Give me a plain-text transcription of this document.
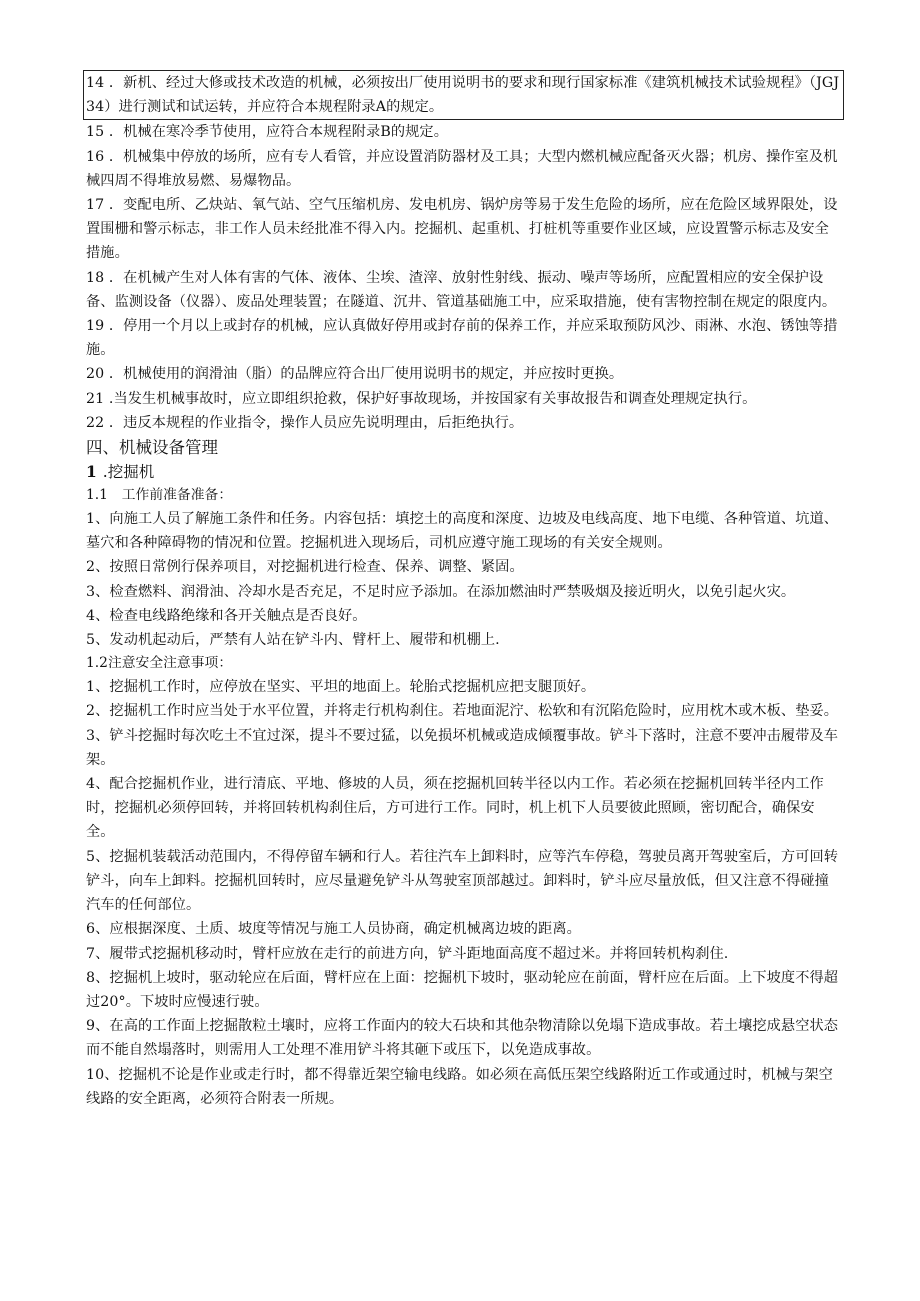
14 ．新机、经过大修或技术改造的机械，必须按出厂使用说明书的要求和现行国家标准《建筑机械技术试验规程》（JGJ34）进行测试和试运转，并应符合本规程附录A的规定。

15 ．机械在寒冷季节使用，应符合本规程附录B的规定。

16 ．机械集中停放的场所，应有专人看管，并应设置消防器材及工具；大型内燃机械应配备灭火器；机房、操作室及机械四周不得堆放易燃、易爆物品。

17 ．变配电所、乙炔站、氧气站、空气压缩机房、发电机房、锅炉房等易于发生危险的场所，应在危险区域界限处，设置围栅和警示标志，非工作人员未经批准不得入内。挖掘机、起重机、打桩机等重要作业区域，应设置警示标志及安全措施。

18 ．在机械产生对人体有害的气体、液体、尘埃、渣滓、放射性射线、振动、噪声等场所，应配置相应的安全保护设备、监测设备（仪器）、废品处理装置；在隧道、沉井、管道基础施工中，应采取措施，使有害物控制在规定的限度内。

19 ．停用一个月以上或封存的机械，应认真做好停用或封存前的保养工作，并应采取预防风沙、雨淋、水泡、锈蚀等措施。

20 ．机械使用的润滑油（脂）的品牌应符合出厂使用说明书的规定，并应按时更换。

21 .当发生机械事故时，应立即组织抢救，保护好事故现场，并按国家有关事故报告和调查处理规定执行。

22 ．违反本规程的作业指令，操作人员应先说明理由，后拒绝执行。

四、机械设备管理

1 .挖掘机

1.1　工作前准备准备：

1、向施工人员了解施工条件和任务。内容包括：填挖土的高度和深度、边坡及电线高度、地下电缆、各种管道、坑道、墓穴和各种障碍物的情况和位置。挖掘机进入现场后，司机应遵守施工现场的有关安全规则。

2、按照日常例行保养项目，对挖掘机进行检查、保养、调整、紧固。

3、检查燃料、润滑油、冷却水是否充足，不足时应予添加。在添加燃油时严禁吸烟及接近明火，以免引起火灾。

4、检查电线路绝缘和各开关触点是否良好。

5、发动机起动后，严禁有人站在铲斗内、臂杆上、履带和机棚上.

1.2注意安全注意事项：

1、挖掘机工作时，应停放在坚实、平坦的地面上。轮胎式挖掘机应把支腿顶好。

2、挖掘机工作时应当处于水平位置，并将走行机构刹住。若地面泥泞、松软和有沉陷危险时，应用枕木或木板、垫妥。

3、铲斗挖掘时每次吃土不宜过深，提斗不要过猛，以免损坏机械或造成倾覆事故。铲斗下落时，注意不要冲击履带及车架。

4、配合挖掘机作业，进行清底、平地、修坡的人员，须在挖掘机回转半径以内工作。若必须在挖掘机回转半径内工作时，挖掘机必须停回转，并将回转机构刹住后，方可进行工作。同时，机上机下人员要彼此照顾，密切配合，确保安全。

5、挖掘机装载活动范围内，不得停留车辆和行人。若往汽车上卸料时，应等汽车停稳，驾驶员离开驾驶室后，方可回转铲斗，向车上卸料。挖掘机回转时，应尽量避免铲斗从驾驶室顶部越过。卸料时，铲斗应尽量放低，但又注意不得碰撞汽车的任何部位。

6、应根据深度、土质、坡度等情况与施工人员协商，确定机械离边坡的距离。

7、履带式挖掘机移动时，臂杆应放在走行的前进方向，铲斗距地面高度不超过米。并将回转机构刹住.

8、挖掘机上坡时，驱动轮应在后面，臂杆应在上面：挖掘机下坡时，驱动轮应在前面，臂杆应在后面。上下坡度不得超过20°。下坡时应慢速行驶。

9、在高的工作面上挖掘散粒土壤时，应将工作面内的较大石块和其他杂物清除以免塌下造成事故。若土壤挖成悬空状态而不能自然塌落时，则需用人工处理不准用铲斗将其砸下或压下，以免造成事故。

10、挖掘机不论是作业或走行时，都不得靠近架空输电线路。如必须在高低压架空线路附近工作或通过时，机械与架空线路的安全距离，必须符合附表一所规。
